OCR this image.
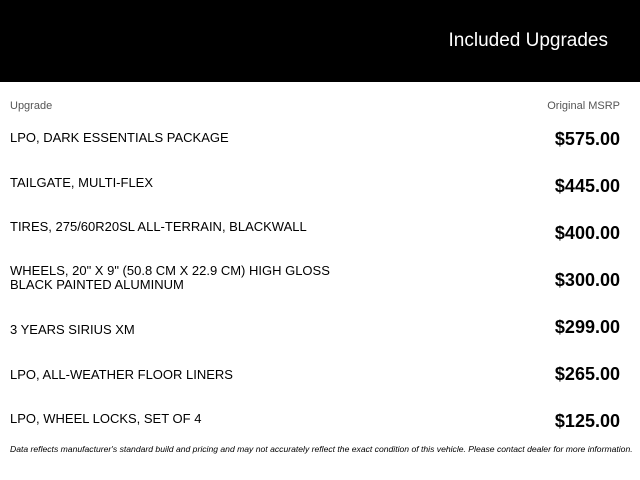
Included Upgrades
Upgrade	Original MSRP
LPO, DARK ESSENTIALS PACKAGE	$575.00
TAILGATE, MULTI-FLEX	$445.00
TIRES, 275/60R20SL ALL-TERRAIN, BLACKWALL	$400.00
WHEELS, 20" X 9" (50.8 CM X 22.9 CM) HIGH GLOSS BLACK PAINTED ALUMINUM	$300.00
3 YEARS SIRIUS XM	$299.00
LPO, ALL-WEATHER FLOOR LINERS	$265.00
LPO, WHEEL LOCKS, SET OF 4	$125.00
Data reflects manufacturer's standard build and pricing and may not accurately reflect the exact condition of this vehicle. Please contact dealer for more information.
